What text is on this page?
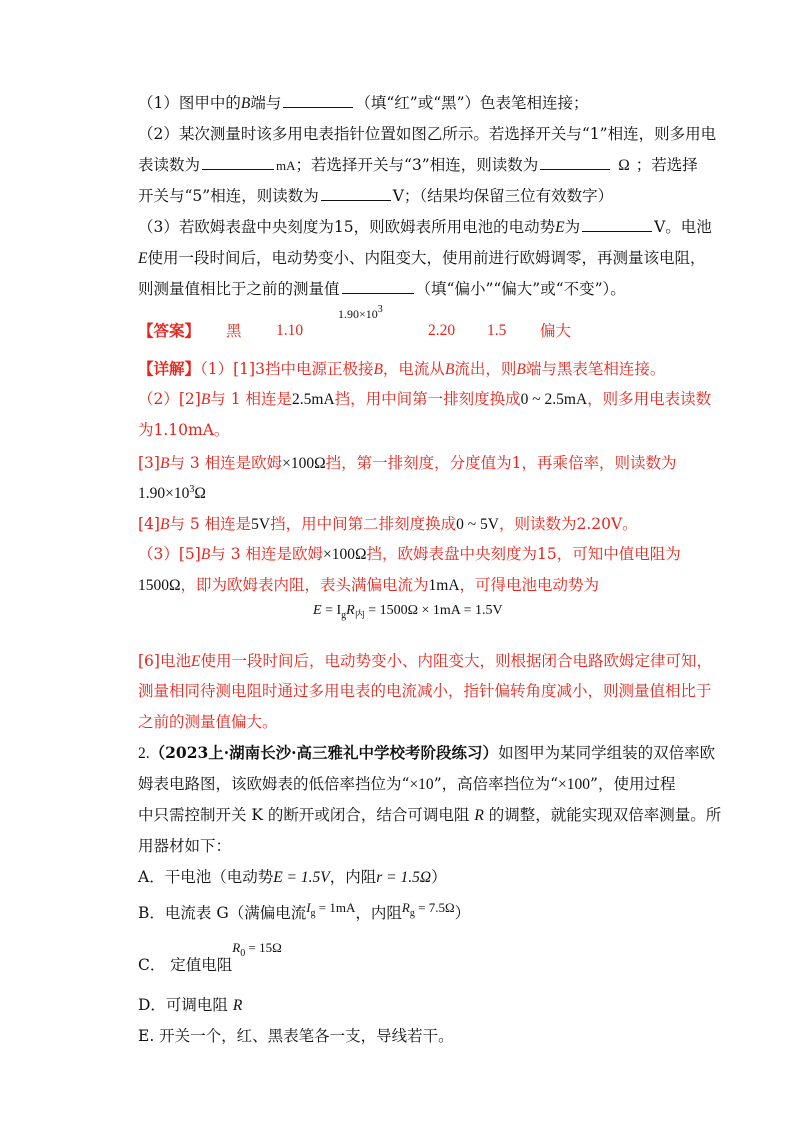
（1）图甲中的B端与	（填“红”或“黑”）色表笔相连接；
（2）某次测量时该多用电表指针位置如图乙所示。若选择开关与“1”相连，则多用电
表读数为	mA；若选择开关与“3”相连，则读数为	Ω ；若选择
开关与“5”相连，则读数为	V；（结果均保留三位有效数字）
（3）若欧姆表盘中央刻度为15，则欧姆表所用电池的电动势E为	V。电池
E使用一段时间后，电动势变小、内阻变大，使用前进行欧姆调零，再测量该电阻，
则测量值相比于之前的测量值	（填“偏小”“偏大”或“不变”）。
【答案】 黑 1.10
$1.90\times 10^3$
2.20 1.5 偏大
【详解】（1）[1]3挡中电源正极接B，电流从B流出，则B端与黑表笔相连接。
（2）[2]B与 1 相连是2.5mA挡，用中间第一排刻度换成0 ~ 2.5mA，则多用电表读数
为1.10mA。
[3]B与 3 相连是欧姆×100Ω挡，第一排刻度，分度值为1，再乘倍率，则读数为
$1.90\times 10^3\Omega$
[4]B与 5 相连是5V挡，用中间第二排刻度换成0 ~ 5V，则读数为2.20V。
（3）[5]B与 3 相连是欧姆×100Ω挡，欧姆表盘中央刻度为15，可知中值电阻为
1500Ω，即为欧姆表内阻，表头满偏电流为1mA，可得电池电动势为
$E = I_gR_内 = 1500\Omega \times 1mA = 1.5V$
[6]电池E使用一段时间后，电动势变小、内阻变大，则根据闭合电路欧姆定律可知，
测量相同待测电阻时通过多用电表的电流减小，指针偏转角度减小，则测量值相比于
之前的测量值偏大。
2.（2023上·湖南长沙·高三雅礼中学校考阶段练习）如图甲为某同学组装的双倍率欧
姆表电路图，该欧姆表的低倍率挡位为“×10”，高倍率挡位为“×100”，使用过程
中只需控制开关 K 的断开或闭合，结合可调电阻 R 的调整，就能实现双倍率测量。所
用器材如下：
A．干电池（电动势E = 1.5V，内阻r = 1.5Ω）
B．电流表 G（满偏电流$^I$g $^{= 1mA}$，内阻$^R$g $^{= 7.5\Omega}$）
C． 定值电阻$^{R0}$ $^{= 15\Omega}$
D．可调电阻 R
E. 开关一个，红、黑表笔各一支，导线若干。
